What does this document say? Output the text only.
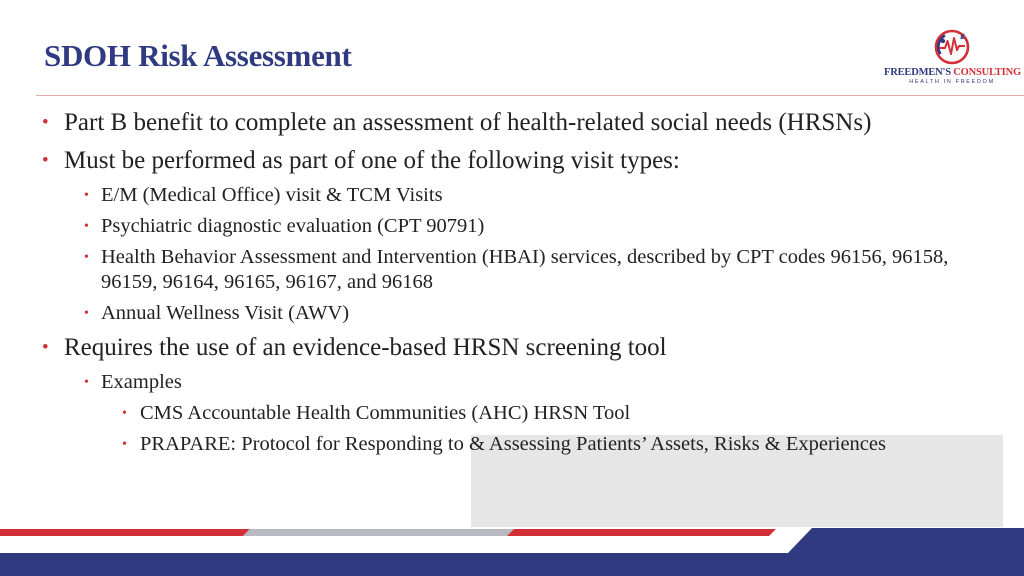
SDOH Risk Assessment	FREEDMEN'S CONSULTING
HEALTH IN FREEDOM
• Part B benefit to complete an assessment of health-related social needs (HRSNs)
• Must be performed as part of one of the following visit types:
• E/M (Medical Office) visit & TCM Visits
• Psychiatric diagnostic evaluation (CPT 90791)
• Health Behavior Assessment and Intervention (HBAI) services, described by CPT codes 96156, 96158, 96159, 96164, 96165, 96167, and 96168
• Annual Wellness Visit (AWV)
• Requires the use of an evidence-based HRSN screening tool
• Examples
• CMS Accountable Health Communities (AHC) HRSN Tool
• PRAPARE: Protocol for Responding to & Assessing Patients’ Assets, Risks & Experiences
